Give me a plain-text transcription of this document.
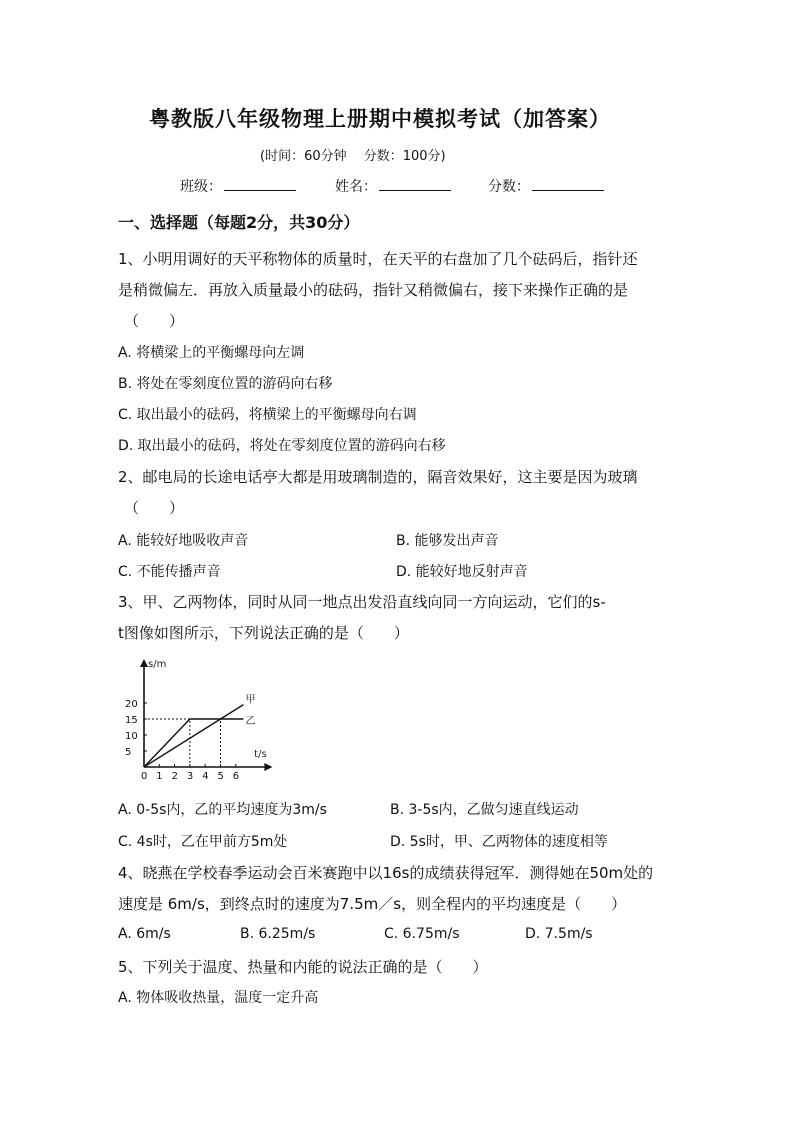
粤教版八年级物理上册期中模拟考试（加答案）
(时间：60分钟　 分数：100分)
班级：	姓名：	分数：
一、选择题（每题2分，共30分）
1、小明用调好的天平称物体的质量时，在天平的右盘加了几个砝码后，指针还
是稍微偏左．再放入质量最小的砝码，指针又稍微偏右，接下来操作正确的是
（　　）
A. 将横梁上的平衡螺母向左调
B. 将处在零刻度位置的游码向右移
C. 取出最小的砝码，将横梁上的平衡螺母向右调
D. 取出最小的砝码，将处在零刻度位置的游码向右移
2、邮电局的长途电话亭大都是用玻璃制造的，隔音效果好，这主要是因为玻璃
（　　）
A. 能较好地吸收声音	B. 能够发出声音
C. 不能传播声音	D. 能较好地反射声音
3、甲、乙两物体，同时从同一地点出发沿直线向同一方向运动，它们的s-
t图像如图所示，下列说法正确的是（　　）
t/s
s/m
0 1 2 3 4 5 6
5
10
15
20	甲
乙
A. 0-5s内，乙的平均速度为3m/s	B. 3-5s内，乙做匀速直线运动
C. 4s时，乙在甲前方5m处	D. 5s时，甲、乙两物体的速度相等
4、晓燕在学校春季运动会百米赛跑中以16s的成绩获得冠军．测得她在50m处的
速度是 6m/s，到终点时的速度为7.5m／s，则全程内的平均速度是（　　）
A. 6m/s	B. 6.25m/s	C. 6.75m/s	D. 7.5m/s
5、下列关于温度、热量和内能的说法正确的是（　　）
A. 物体吸收热量，温度一定升高
